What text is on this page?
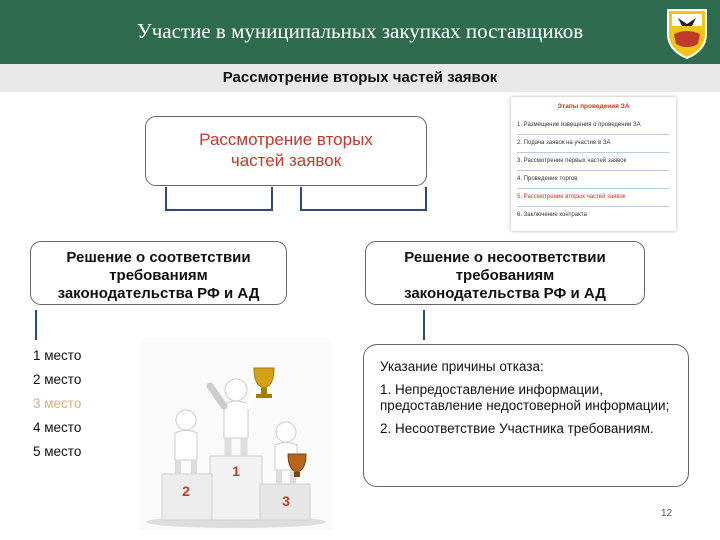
Участие в муниципальных закупках поставщиков
Рассмотрение вторых частей заявок
Этапы проведения ЗА
1. Размещение извещения о проведении ЗА
2. Подача заявок на участие в ЗА
3. Рассмотрение первых частей заявок
4. Проведение торгов
5. Рассмотрение вторых частей заявок
6. Заключение контракта
Рассмотрение вторых
частей заявок
Решение о соответствии
требованиям
законодательства РФ и АД
Решение о несоответствии
требованиям
законодательства РФ и АД
1 место
2 место
3 место
4 место
5 место
1
2
3

Указание причины отказа:

1. Непредоставление информации, предоставление недостоверной информации;

2. Несоответствие Участника требованиям.

12
